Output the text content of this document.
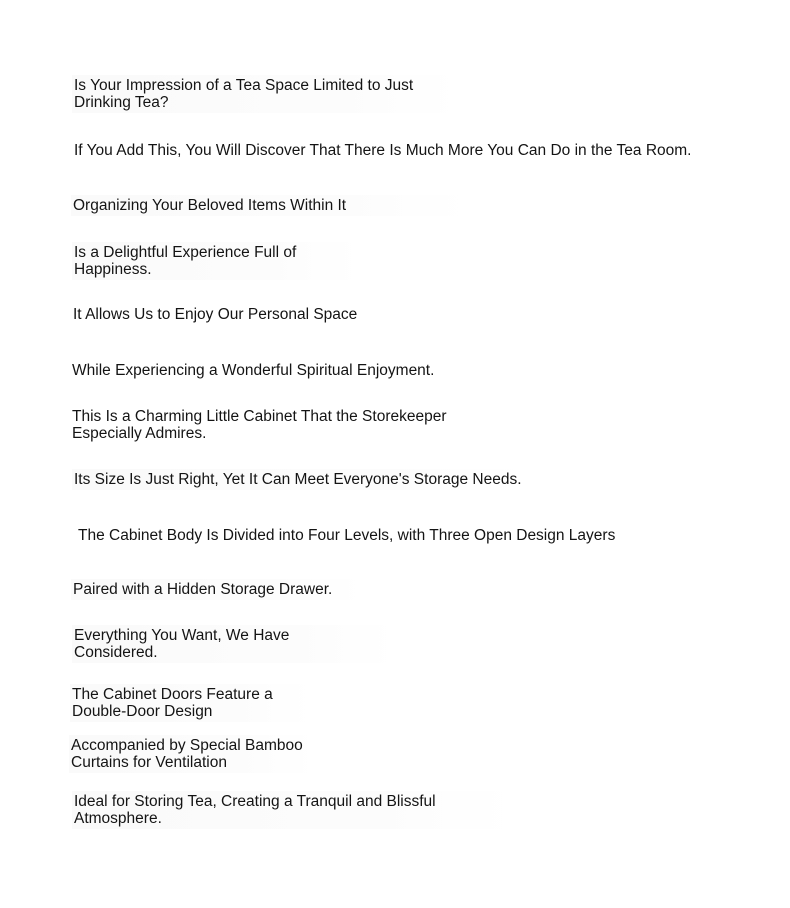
Is Your Impression of a Tea Space Limited to Just
Drinking Tea?
If You Add This, You Will Discover That There Is Much More You Can Do in the Tea Room.
Organizing Your Beloved Items Within It
Is a Delightful Experience Full of
Happiness.
It Allows Us to Enjoy Our Personal Space
While Experiencing a Wonderful Spiritual Enjoyment.
This Is a Charming Little Cabinet That the Storekeeper
Especially Admires.
Its Size Is Just Right, Yet It Can Meet Everyone's Storage Needs.
The Cabinet Body Is Divided into Four Levels, with Three Open Design Layers
Paired with a Hidden Storage Drawer.
Everything You Want, We Have
Considered.
The Cabinet Doors Feature a
Double-Door Design
Accompanied by Special Bamboo
Curtains for Ventilation
Ideal for Storing Tea, Creating a Tranquil and Blissful
Atmosphere.
